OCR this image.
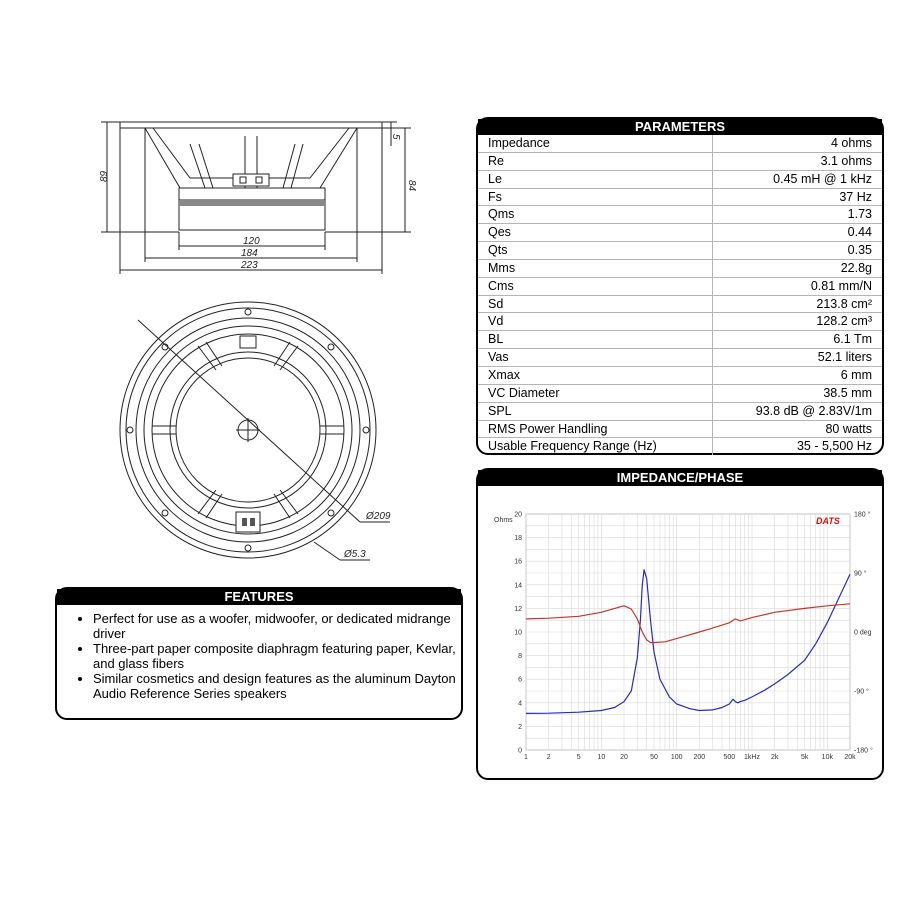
89
84
5
120
184
223
Ø209
Ø5.3
PARAMETERS
Impedance	4 ohms
Re	3.1 ohms
Le	0.45 mH @ 1 kHz
Fs	37 Hz
Qms	1.73
Qes	0.44
Qts	0.35
Mms	22.8g
Cms	0.81 mm/N
Sd	213.8 cm²
Vd	128.2 cm³
BL	6.1 Tm
Vas	52.1 liters
Xmax	6 mm
VC Diameter	38.5 mm
SPL	93.8 dB @ 2.83V/1m
RMS Power Handling	80 watts
Usable Frequency Range (Hz)	35 - 5,500 Hz
FEATURES
• Perfect for use as a woofer, midwoofer, or dedicated midrange driver
• Three-part paper composite diaphragm featuring paper, Kevlar, and glass fibers
• Similar cosmetics and design features as the aluminum Dayton Audio Reference Series speakers
IMPEDANCE/PHASE
1	2	5 10 20	50 100 200	500 1kHz 2k	5k 10k 20k
0
2
4
6
8
10
12
14
16
18
20	180 °
90 °
0 deg
-90 °
-180 °
Ohms	DATS
